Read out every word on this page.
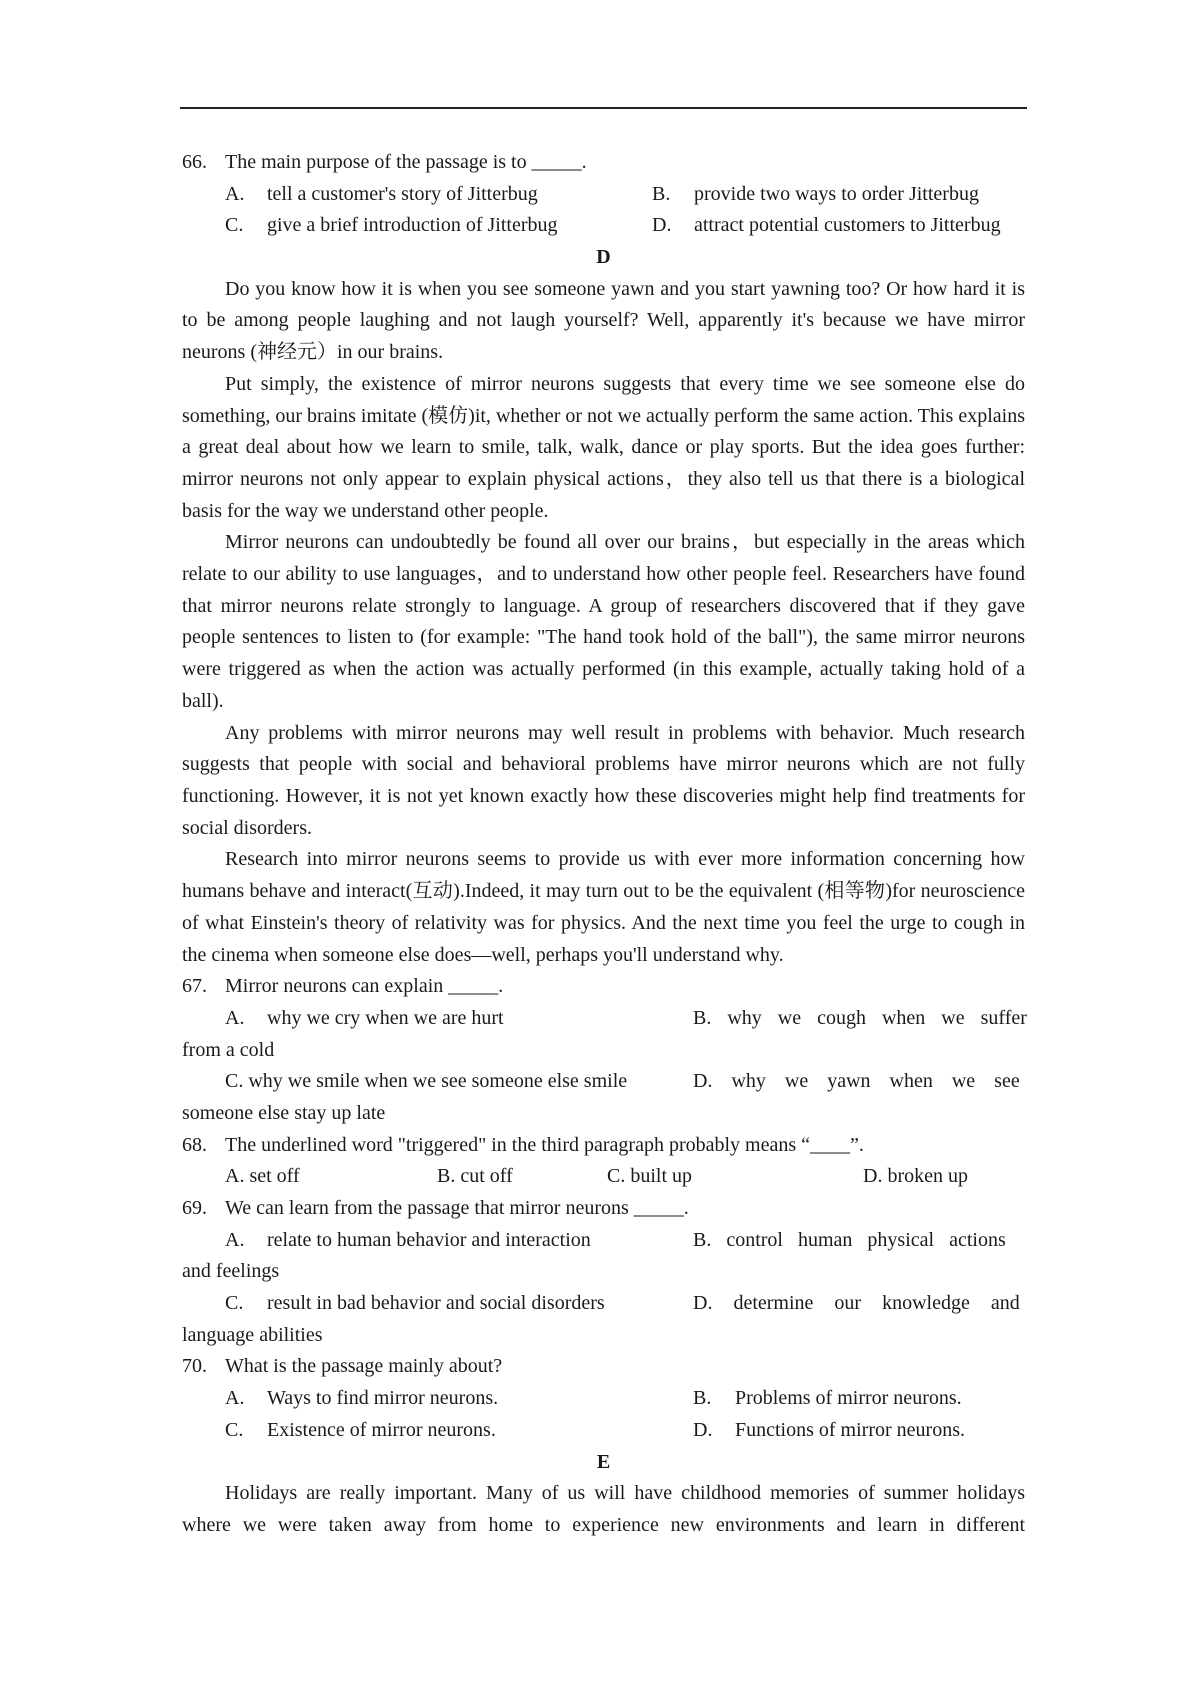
66. The main purpose of the passage is to _____.
A. tell a customer's story of Jitterbug	B. provide two ways to order Jitterbug
C. give a brief introduction of Jitterbug	D. attract potential customers to Jitterbug
D

Do you know how it is when you see someone yawn and you start yawning too? Or how hard it is to be among people laughing and not laugh yourself? Well, apparently it's because we have mirror neurons (神经元）in our brains.

Put simply, the existence of mirror neurons suggests that every time we see someone else do something, our brains imitate (模仿)it, whether or not we actually perform the same action. This explains a great deal about how we learn to smile, talk, walk, dance or play sports. But the idea goes further: mirror neurons not only appear to explain physical actions，they also tell us that there is a biological basis for the way we understand other people.

Mirror neurons can undoubtedly be found all over our brains，but especially in the areas which relate to our ability to use languages，and to understand how other people feel. Researchers have found that mirror neurons relate strongly to language. A group of researchers discovered that if they gave people sentences to listen to (for example: "The hand took hold of the ball"), the same mirror neurons were triggered as when the action was actually performed (in this example, actually taking hold of a ball).

Any problems with mirror neurons may well result in problems with behavior. Much research suggests that people with social and behavioral problems have mirror neurons which are not fully functioning. However, it is not yet known exactly how these discoveries might help find treatments for social disorders.

Research into mirror neurons seems to provide us with ever more information concerning how humans behave and interact(互动).Indeed, it may turn out to be the equivalent (相等物)for neuroscience of what Einstein's theory of relativity was for physics. And the next time you feel the urge to cough in the cinema when someone else does—well, perhaps you'll understand why.

67. Mirror neurons can explain _____.
A. why we cry when we are hurt	B. why we cough when we suffer
from a cold
C. why we smile when we see someone else smile	D. why we yawn when we see
someone else stay up late
68. The underlined word "triggered" in the third paragraph probably means “____”.
A. set off	B. cut off	C. built up	D. broken up
69. We can learn from the passage that mirror neurons _____.
A. relate to human behavior and interaction	B. control human physical actions
and feelings
C. result in bad behavior and social disorders	D. determine our knowledge and
language abilities
70. What is the passage mainly about?
A. Ways to find mirror neurons.	B. Problems of mirror neurons.
C. Existence of mirror neurons.	D. Functions of mirror neurons.
E

Holidays are really important. Many of us will have childhood memories of summer holidays where we were taken away from home to experience new environments and learn in different
